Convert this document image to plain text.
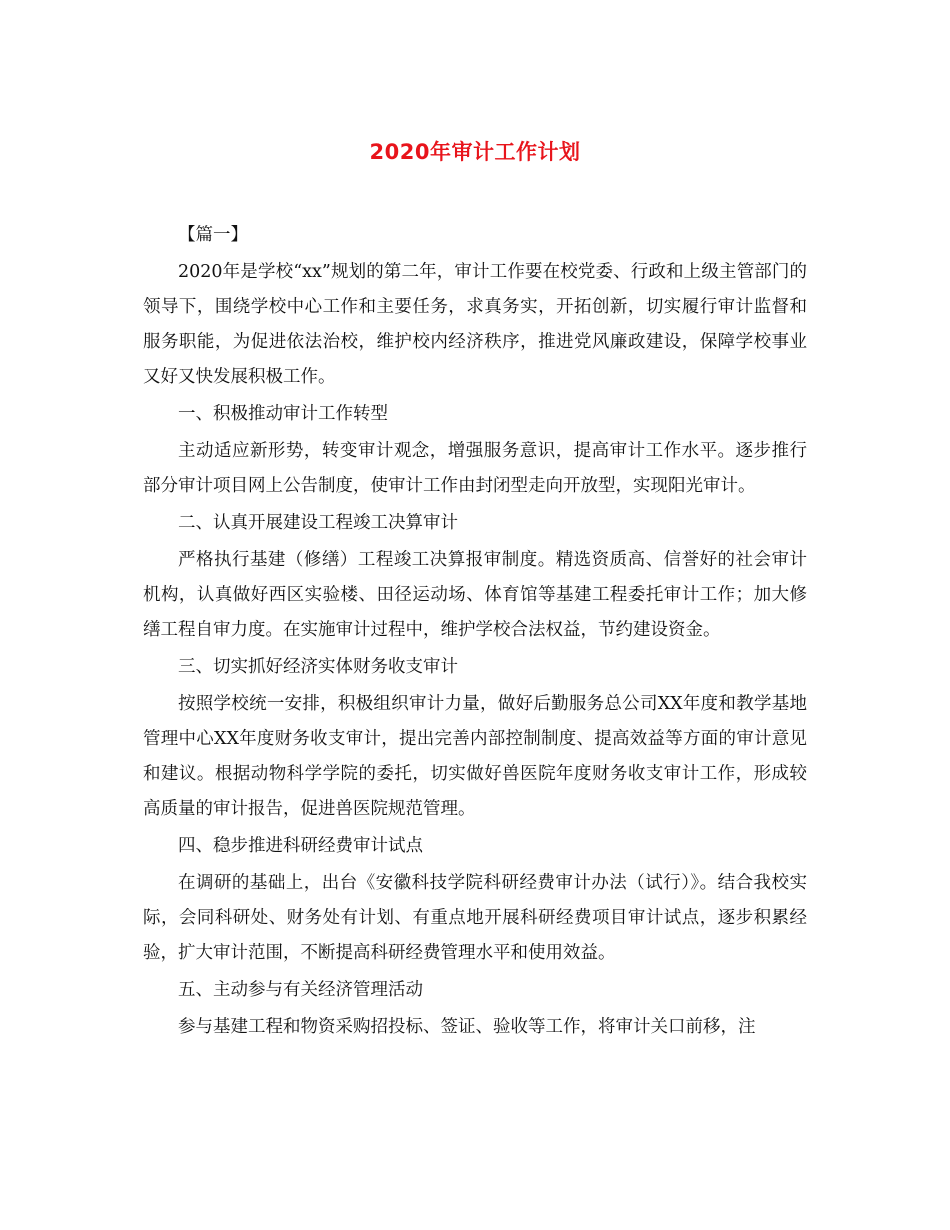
2020年审计工作计划

【篇一】

2020年是学校“xx”规划的第二年，审计工作要在校党委、行政和上级主管部门的领导下，围绕学校中心工作和主要任务，求真务实，开拓创新，切实履行审计监督和服务职能，为促进依法治校，维护校内经济秩序，推进党风廉政建设，保障学校事业又好又快发展积极工作。

一、积极推动审计工作转型

主动适应新形势，转变审计观念，增强服务意识，提高审计工作水平。逐步推行部分审计项目网上公告制度，使审计工作由封闭型走向开放型，实现阳光审计。

二、认真开展建设工程竣工决算审计

严格执行基建（修缮）工程竣工决算报审制度。精选资质高、信誉好的社会审计机构，认真做好西区实验楼、田径运动场、体育馆等基建工程委托审计工作；加大修缮工程自审力度。在实施审计过程中，维护学校合法权益，节约建设资金。

三、切实抓好经济实体财务收支审计

按照学校统一安排，积极组织审计力量，做好后勤服务总公司XX年度和教学基地管理中心XX年度财务收支审计，提出完善内部控制制度、提高效益等方面的审计意见和建议。根据动物科学学院的委托，切实做好兽医院年度财务收支审计工作，形成较高质量的审计报告，促进兽医院规范管理。

四、稳步推进科研经费审计试点

在调研的基础上，出台《安徽科技学院科研经费审计办法（试行）》。结合我校实际，会同科研处、财务处有计划、有重点地开展科研经费项目审计试点，逐步积累经验，扩大审计范围，不断提高科研经费管理水平和使用效益。

五、主动参与有关经济管理活动

参与基建工程和物资采购招投标、签证、验收等工作，将审计关口前移，注
